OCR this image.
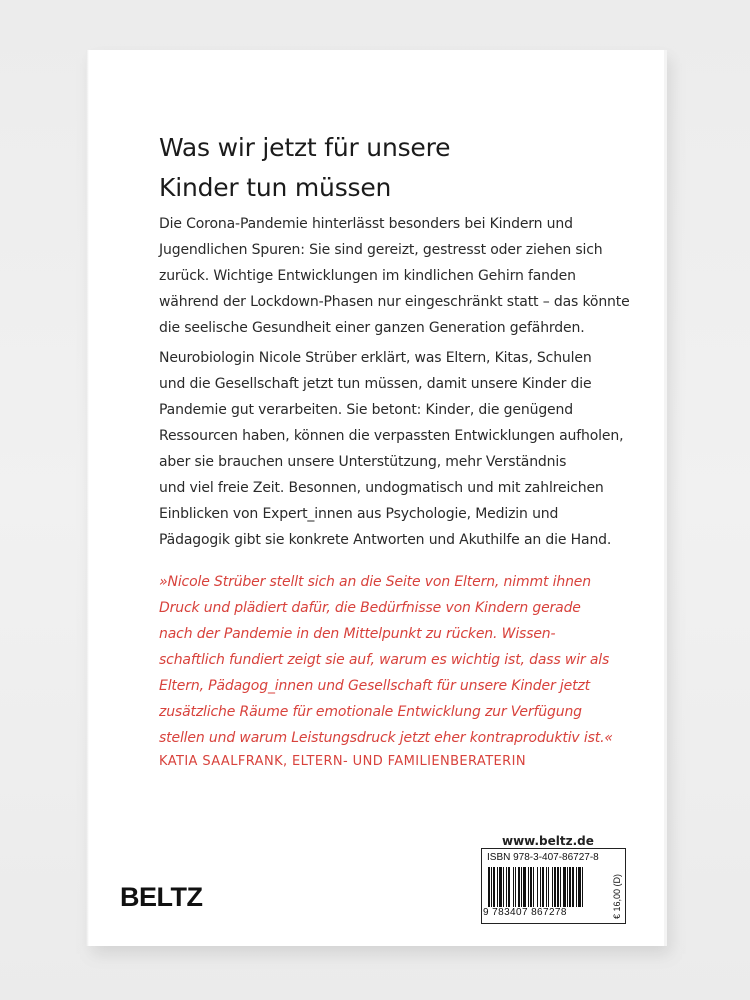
Was wir jetzt für unsere
Kinder tun müssen
Die Corona-Pandemie hinterlässt besonders bei Kindern und
Jugendlichen Spuren: Sie sind gereizt, gestresst oder ziehen sich
zurück. Wichtige Entwicklungen im kindlichen Gehirn fanden
während der Lockdown-Phasen nur eingeschränkt statt – das könnte
die seelische Gesundheit einer ganzen Generation gefährden.
Neurobiologin Nicole Strüber erklärt, was Eltern, Kitas, Schulen
und die Gesellschaft jetzt tun müssen, damit unsere Kinder die
Pandemie gut verarbeiten. Sie betont: Kinder, die genügend
Ressourcen haben, können die verpassten Entwicklungen aufholen,
aber sie brauchen unsere Unterstützung, mehr Verständnis
und viel freie Zeit. Besonnen, undogmatisch und mit zahlreichen
Einblicken von Expert_innen aus Psychologie, Medizin und
Pädagogik gibt sie konkrete Antworten und Akuthilfe an die Hand.
»Nicole Strüber stellt sich an die Seite von Eltern, nimmt ihnen
Druck und plädiert dafür, die Bedürfnisse von Kindern gerade
nach der Pandemie in den Mittelpunkt zu rücken. Wissen-
schaftlich fundiert zeigt sie auf, warum es wichtig ist, dass wir als
Eltern, Pädagog_innen und Gesellschaft für unsere Kinder jetzt
zusätzliche Räume für emotionale Entwicklung zur Verfügung
stellen und warum Leistungsdruck jetzt eher kontraproduktiv ist.«
KATIA SAALFRANK, ELTERN- UND FAMILIENBERATERIN
www.beltz.de
BELTZ
ISBN 978-3-407-86727-8
9 783407 867278	€ 16,00 (D)
